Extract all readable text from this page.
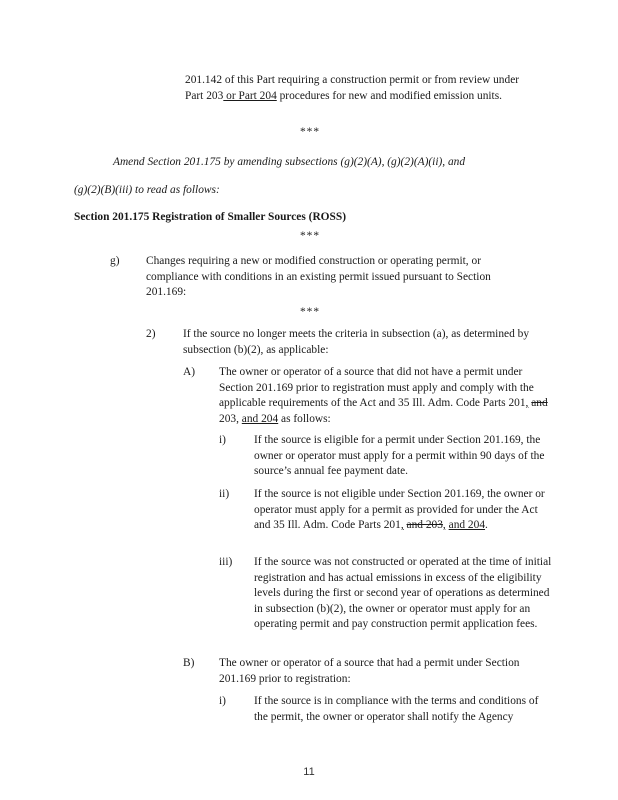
201.142 of this Part requiring a construction permit or from review under
Part 203 or Part 204 procedures for new and modified emission units.

***

Amend Section 201.175 by amending subsections (g)(2)(A), (g)(2)(A)(ii), and

(g)(2)(B)(iii) to read as follows:

Section 201.175 Registration of Smaller Sources (ROSS)

***

g) Changes requiring a new or modified construction or operating permit, or compliance with conditions in an existing permit issued pursuant to Section 201.169:

***

2) If the source no longer meets the criteria in subsection (a), as determined by subsection (b)(2), as applicable:

A) The owner or operator of a source that did not have a permit under Section 201.169 prior to registration must apply and comply with the applicable requirements of the Act and 35 Ill. Adm. Code Parts 201, and 203, and 204 as follows:

i) If the source is eligible for a permit under Section 201.169, the owner or operator must apply for a permit within 90 days of the source’s annual fee payment date.

ii) If the source is not eligible under Section 201.169, the owner or operator must apply for a permit as provided for under the Act and 35 Ill. Adm. Code Parts 201, and 203, and 204.

iii) If the source was not constructed or operated at the time of initial registration and has actual emissions in excess of the eligibility levels during the first or second year of operations as determined in subsection (b)(2), the owner or operator must apply for an operating permit and pay construction permit application fees.

B) The owner or operator of a source that had a permit under Section 201.169 prior to registration:

i) If the source is in compliance with the terms and conditions of the permit, the owner or operator shall notify the Agency

11
